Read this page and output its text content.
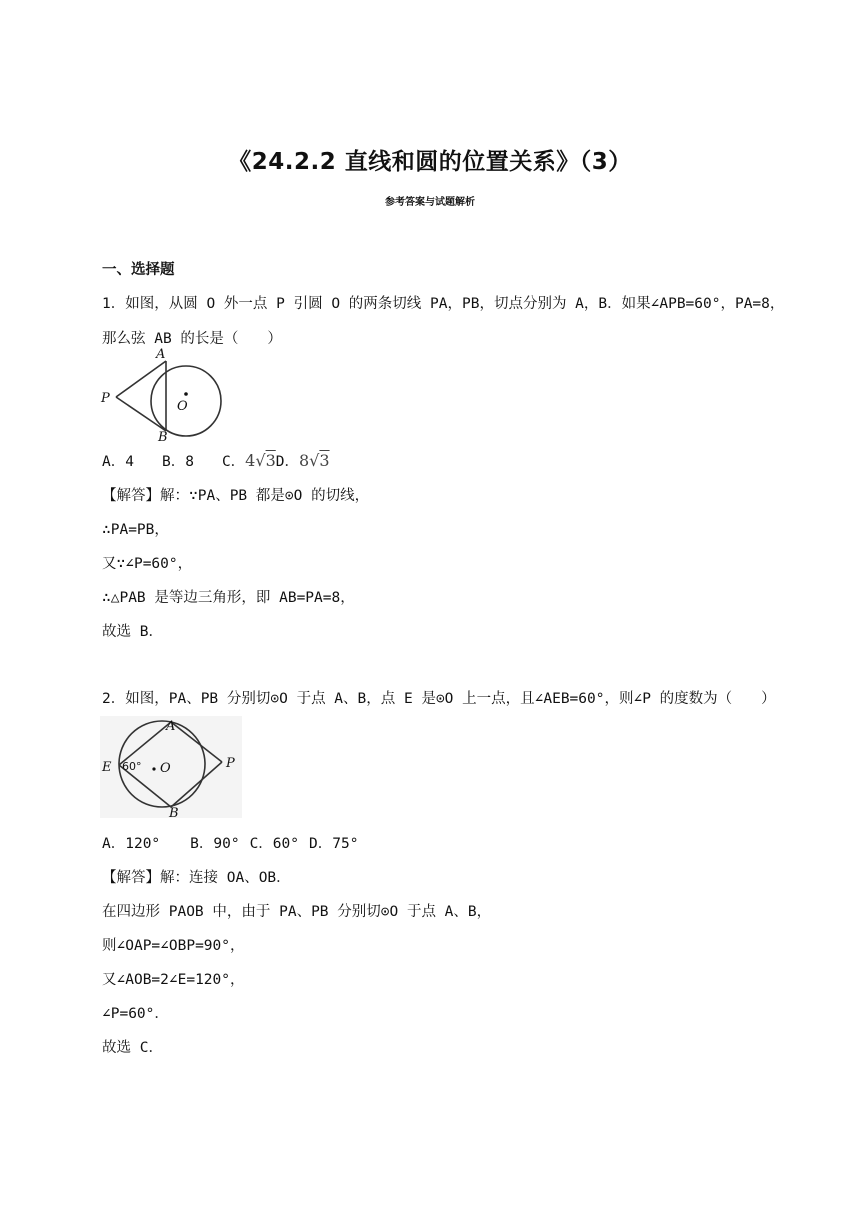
《24.2.2 直线和圆的位置关系》（3）
参考答案与试题解析
一、选择题
1．如图，从圆 O 外一点 P 引圆 O 的两条切线 PA，PB，切点分别为 A，B．如果∠APB=60°，PA=8，
那么弦 AB 的长是（　　）
A
B
P
O
A．4 B．8 C．4√3D．8√3
【解答】解：∵PA、PB 都是⊙O 的切线，
∴PA=PB，
又∵∠P=60°，
∴△PAB 是等边三角形，即 AB=PA=8，
故选 B．
2．如图，PA、PB 分别切⊙O 于点 A、B，点 E 是⊙O 上一点，且∠AEB=60°，则∠P 的度数为（　　）
A
B
P
O
E 60°
A．120° B．90° C．60° D．75°
【解答】解：连接 OA、OB．
在四边形 PAOB 中，由于 PA、PB 分别切⊙O 于点 A、B，
则∠OAP=∠OBP=90°，
又∠AOB=2∠E=120°，
∠P=60°．
故选 C．
